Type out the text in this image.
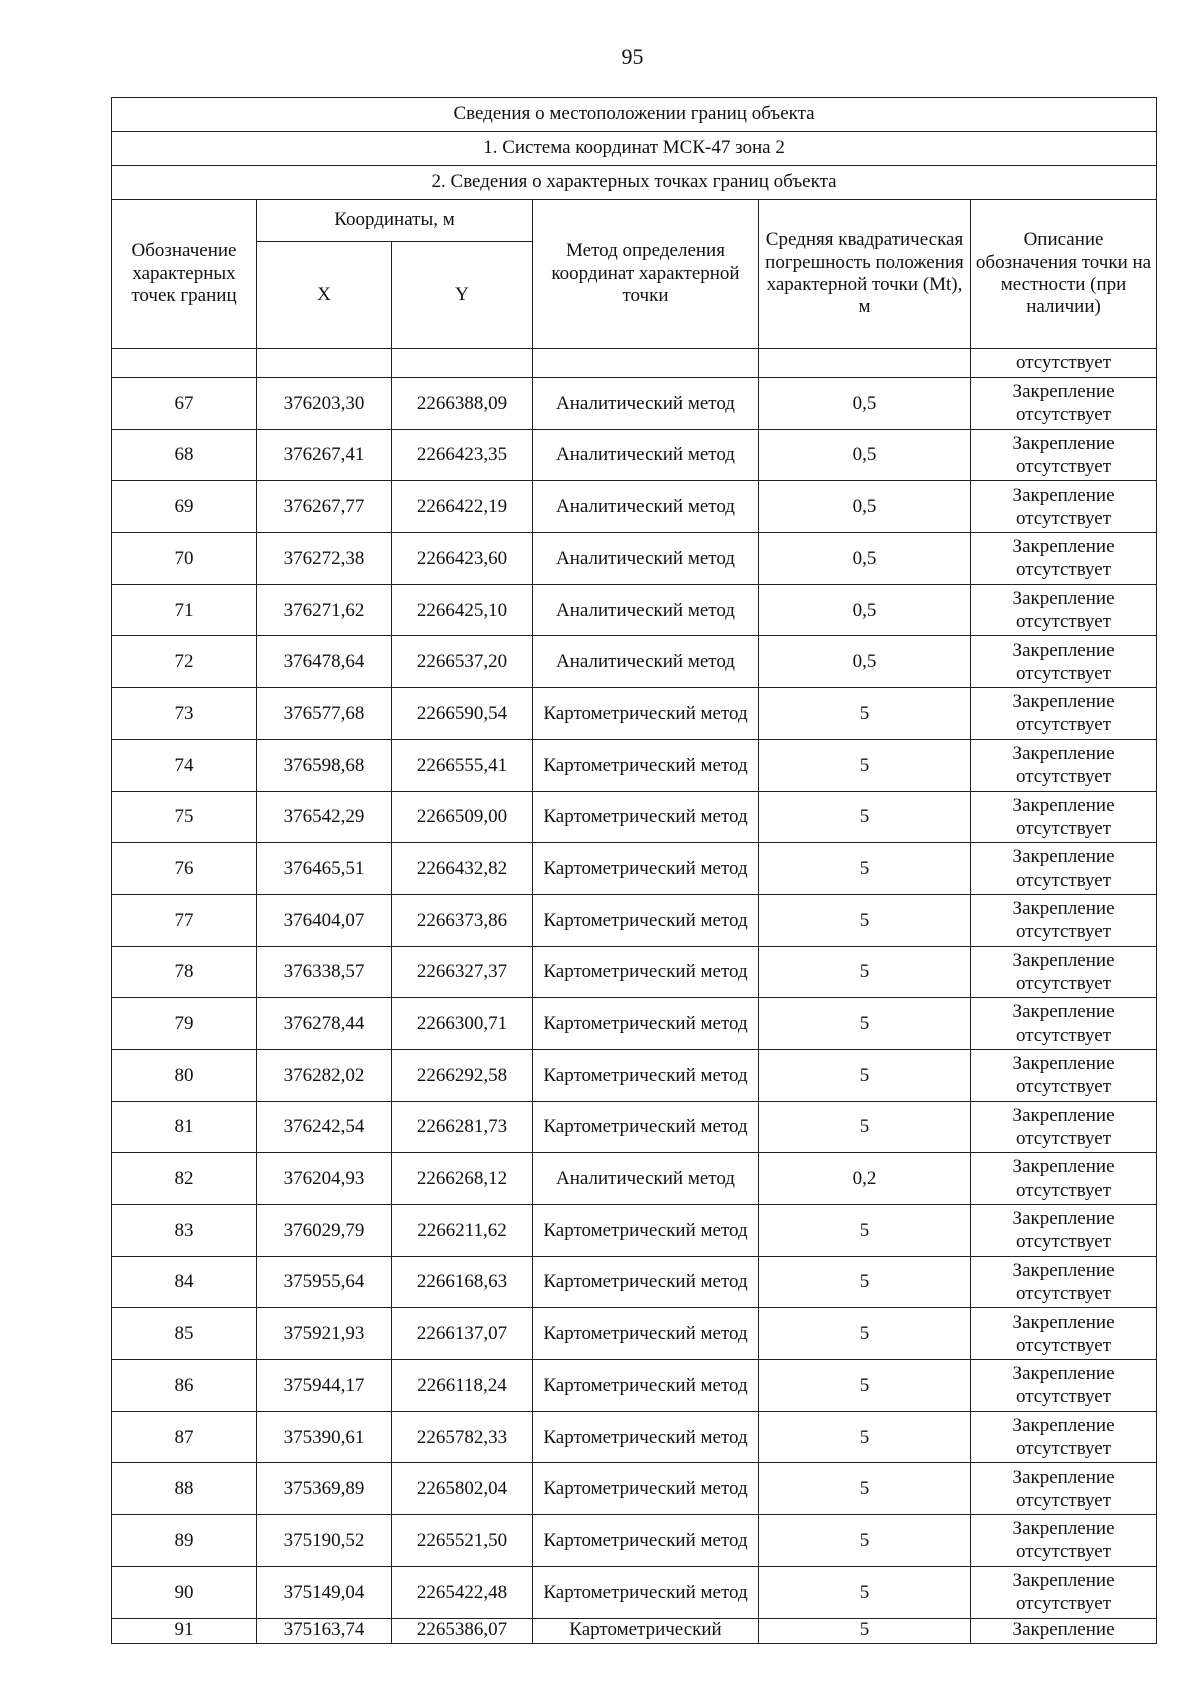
95
Сведения о местоположении границ объекта					
1. Система координат МСК-47 зона 2					
2. Сведения о характерных точках границ объекта					
Обозначение характерных точек границ	Координаты, м		Метод определения координат характерной точки	Средняя квадратическая погрешность положения характерной точки (Mt), м	Описание обозначения точки на местности (при наличии)
	X	Y			
					отсутствует
67	376203,30	2266388,09	Аналитический метод	0,5	Закрепление отсутствует
68	376267,41	2266423,35	Аналитический метод	0,5	Закрепление отсутствует
69	376267,77	2266422,19	Аналитический метод	0,5	Закрепление отсутствует
70	376272,38	2266423,60	Аналитический метод	0,5	Закрепление отсутствует
71	376271,62	2266425,10	Аналитический метод	0,5	Закрепление отсутствует
72	376478,64	2266537,20	Аналитический метод	0,5	Закрепление отсутствует
73	376577,68	2266590,54	Картометрический метод	5	Закрепление отсутствует
74	376598,68	2266555,41	Картометрический метод	5	Закрепление отсутствует
75	376542,29	2266509,00	Картометрический метод	5	Закрепление отсутствует
76	376465,51	2266432,82	Картометрический метод	5	Закрепление отсутствует
77	376404,07	2266373,86	Картометрический метод	5	Закрепление отсутствует
78	376338,57	2266327,37	Картометрический метод	5	Закрепление отсутствует
79	376278,44	2266300,71	Картометрический метод	5	Закрепление отсутствует
80	376282,02	2266292,58	Картометрический метод	5	Закрепление отсутствует
81	376242,54	2266281,73	Картометрический метод	5	Закрепление отсутствует
82	376204,93	2266268,12	Аналитический метод	0,2	Закрепление отсутствует
83	376029,79	2266211,62	Картометрический метод	5	Закрепление отсутствует
84	375955,64	2266168,63	Картометрический метод	5	Закрепление отсутствует
85	375921,93	2266137,07	Картометрический метод	5	Закрепление отсутствует
86	375944,17	2266118,24	Картометрический метод	5	Закрепление отсутствует
87	375390,61	2265782,33	Картометрический метод	5	Закрепление отсутствует
88	375369,89	2265802,04	Картометрический метод	5	Закрепление отсутствует
89	375190,52	2265521,50	Картометрический метод	5	Закрепление отсутствует
90	375149,04	2265422,48	Картометрический метод	5	Закрепление отсутствует
91	375163,74	2265386,07	Картометрический	5	Закрепление
